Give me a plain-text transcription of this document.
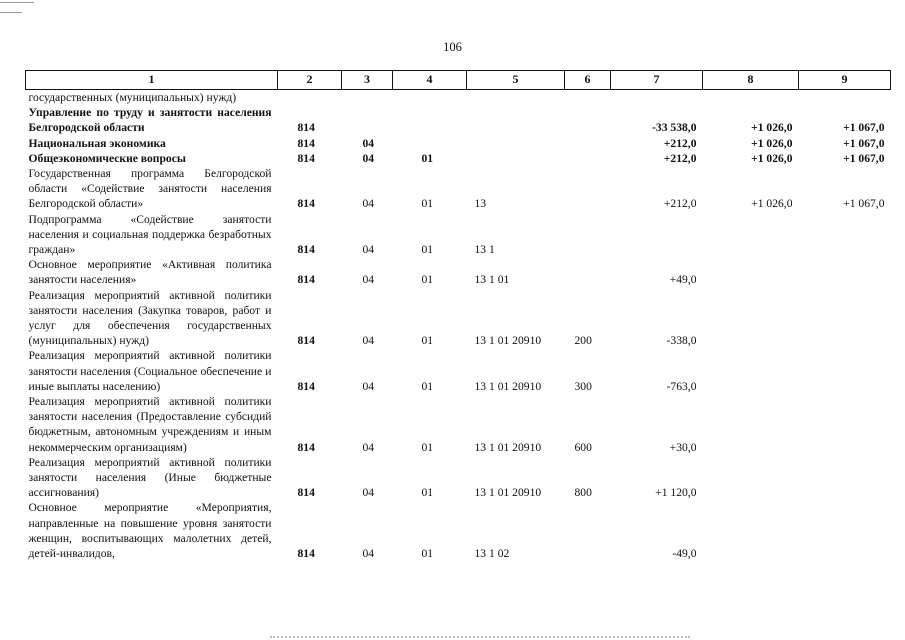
106
1	2	3	4	5	6	7	8	9
государственных (муниципальных) нужд)								
Управление по труду и занятости населения Белгородской области	814					-33 538,0	+1 026,0	+1 067,0
Национальная экономика	814	04				+212,0	+1 026,0	+1 067,0
Общеэкономические вопросы	814	04	01			+212,0	+1 026,0	+1 067,0
Государственная программа Белгородской области «Содействие занятости населения Белгородской области»	814	04	01	13		+212,0	+1 026,0	+1 067,0
Подпрограмма «Содействие занятости населения и социальная поддержка безработных граждан»	814	04	01	13 1				
Основное мероприятие «Активная политика занятости населения»	814	04	01	13 1 01		+49,0		
Реализация мероприятий активной политики занятости населения (Закупка товаров, работ и услуг для обеспечения государственных (муниципальных) нужд)	814	04	01	13 1 01 20910	200	-338,0		
Реализация мероприятий активной политики занятости населения (Социальное обеспечение и иные выплаты населению)	814	04	01	13 1 01 20910	300	-763,0		
Реализация мероприятий активной политики занятости населения (Предоставление субсидий бюджетным, автономным учреждениям и иным некоммерческим организациям)	814	04	01	13 1 01 20910	600	+30,0		
Реализация мероприятий активной политики занятости населения (Иные бюджетные ассигнования)	814	04	01	13 1 01 20910	800	+1 120,0		
Основное мероприятие «Мероприятия, направленные на повышение уровня занятости женщин, воспитывающих малолетних детей, детей-инвалидов,	814	04	01	13 1 02		-49,0		
